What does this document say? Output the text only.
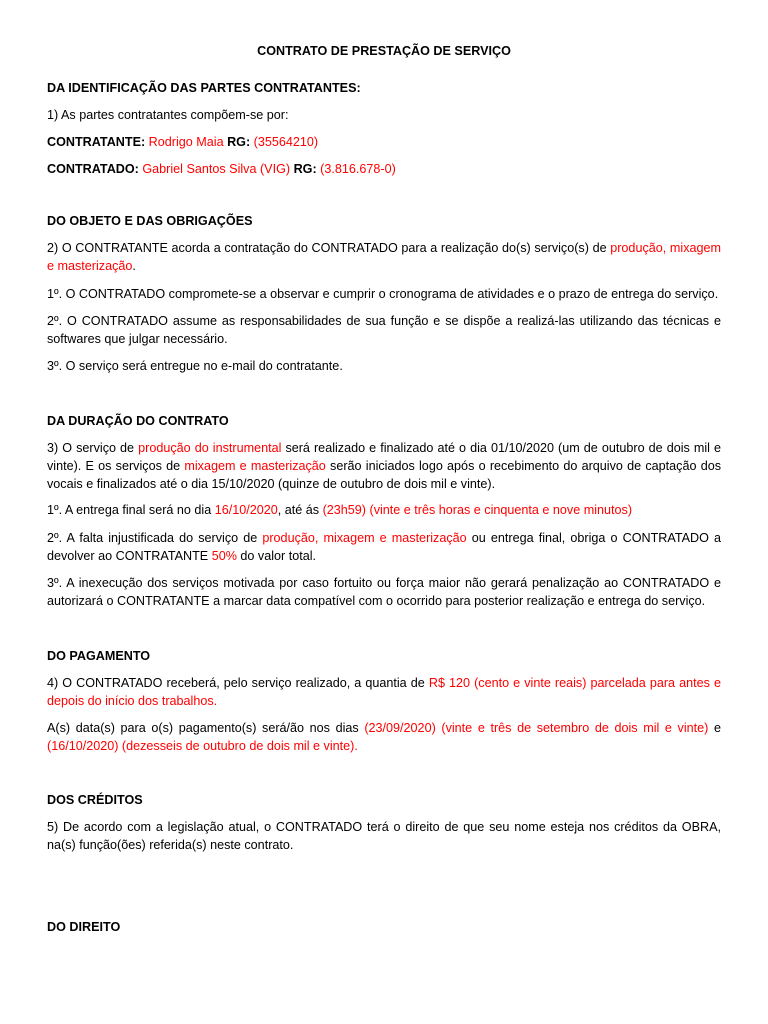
CONTRATO DE PRESTAÇÃO DE SERVIÇO

DA IDENTIFICAÇÃO DAS PARTES CONTRATANTES:

1) As partes contratantes compõem-se por:

CONTRATANTE: Rodrigo Maia RG: (35564210)

CONTRATADO: Gabriel Santos Silva (VIG) RG: (3.816.678-0)

DO OBJETO E DAS OBRIGAÇÕES

2) O CONTRATANTE acorda a contratação do CONTRATADO para a realização do(s) serviço(s) de produção, mixagem e masterização.

1º. O CONTRATADO compromete-se a observar e cumprir o cronograma de atividades e o prazo de entrega do serviço.

2º. O CONTRATADO assume as responsabilidades de sua função e se dispõe a realizá-las utilizando das técnicas e softwares que julgar necessário.

3º. O serviço será entregue no e-mail do contratante.

DA DURAÇÃO DO CONTRATO

3) O serviço de produção do instrumental será realizado e finalizado até o dia 01/10/2020 (um de outubro de dois mil e vinte). E os serviços de mixagem e masterização serão iniciados logo após o recebimento do arquivo de captação dos vocais e finalizados até o dia 15/10/2020 (quinze de outubro de dois mil e vinte).

1º. A entrega final será no dia 16/10/2020, até ás (23h59) (vinte e três horas e cinquenta e nove minutos)

2º. A falta injustificada do serviço de produção, mixagem e masterização ou entrega final, obriga o CONTRATADO a devolver ao CONTRATANTE 50% do valor total.

3º. A inexecução dos serviços motivada por caso fortuito ou força maior não gerará penalização ao CONTRATADO e autorizará o CONTRATANTE a marcar data compatível com o ocorrido para posterior realização e entrega do serviço.

DO PAGAMENTO

4) O CONTRATADO receberá, pelo serviço realizado, a quantia de R$ 120 (cento e vinte reais) parcelada para antes e depois do início dos trabalhos.

A(s) data(s) para o(s) pagamento(s) será/ão nos dias (23/09/2020) (vinte e três de setembro de dois mil e vinte) e (16/10/2020) (dezesseis de outubro de dois mil e vinte).

DOS CRÉDITOS

5) De acordo com a legislação atual, o CONTRATADO terá o direito de que seu nome esteja nos créditos da OBRA, na(s) função(ões) referida(s) neste contrato.

DO DIREITO
